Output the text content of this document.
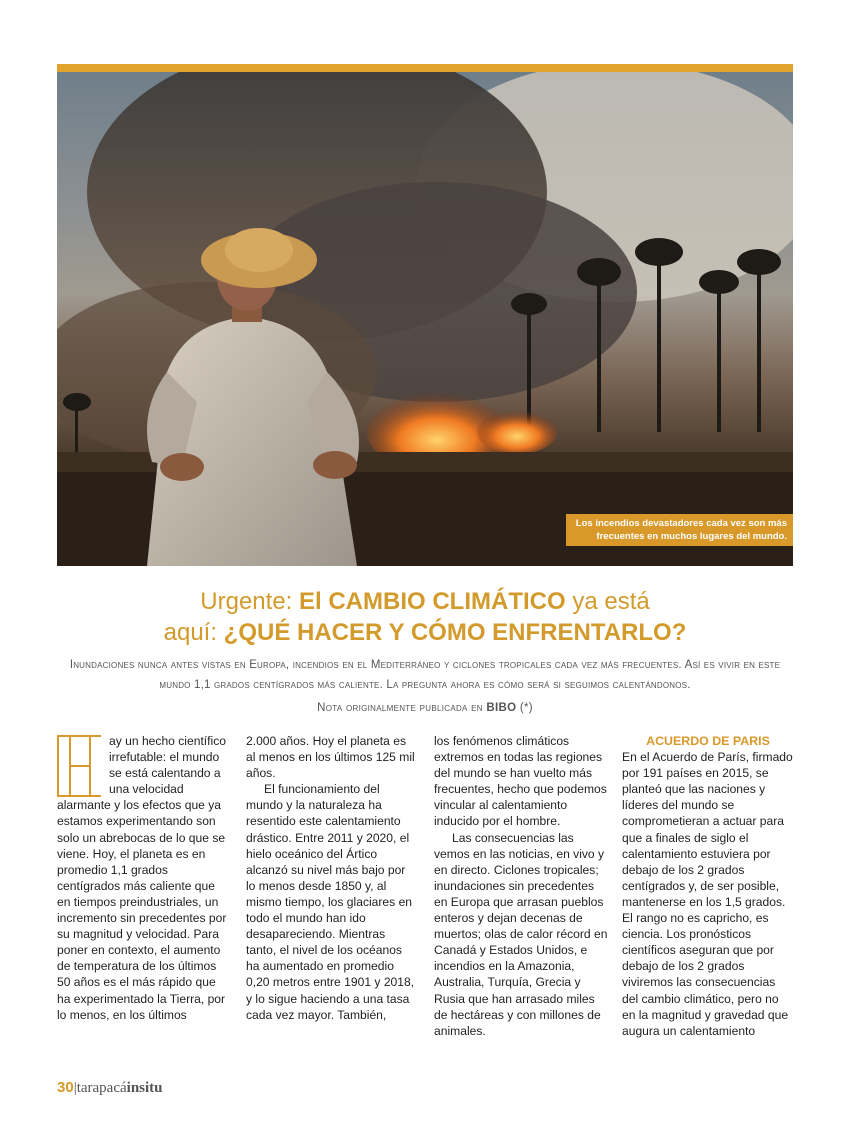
Los incendios devastadores cada vez son más
frecuentes en muchos lugares del mundo.
Urgente: El CAMBIO CLIMÁTICO ya está
aquí: ¿QUÉ HACER Y CÓMO ENFRENTARLO?
Inundaciones nunca antes vistas en Europa, incendios en el Mediterráneo y ciclones tropicales cada vez más frecuentes. Así es vivir en este mundo 1,1 grados centígrados más caliente. La pregunta ahora es cómo será si seguimos calentándonos.
Nota originalmente publicada en BIBO (*)

ay un hecho científico irrefutable: el mundo se está calentando a una velocidad alarmante y los efectos que ya estamos experimentando son solo un abrebocas de lo que se viene. Hoy, el planeta es en promedio 1,1 grados centígrados más caliente que en tiempos preindustriales, un incremento sin precedentes por su magnitud y velocidad. Para poner en contexto, el aumento de temperatura de los últimos 50 años es el más rápido que ha experimentado la Tierra, por lo menos, en los últimos

2.000 años. Hoy el planeta es al menos en los últimos 125 mil años.

El funcionamiento del mundo y la naturaleza ha resentido este calentamiento drástico. Entre 2011 y 2020, el hielo oceánico del Ártico alcanzó su nivel más bajo por lo menos desde 1850 y, al mismo tiempo, los glaciares en todo el mundo han ido desapareciendo. Mientras tanto, el nivel de los océanos ha aumentado en promedio 0,20 metros entre 1901 y 2018, y lo sigue haciendo a una tasa cada vez mayor. También,

los fenómenos climáticos extremos en todas las regiones del mundo se han vuelto más frecuentes, hecho que podemos vincular al calentamiento inducido por el hombre.

Las consecuencias las vemos en las noticias, en vivo y en directo. Ciclones tropicales; inundaciones sin precedentes en Europa que arrasan pueblos enteros y dejan decenas de muertos; olas de calor récord en Canadá y Estados Unidos, e incendios en la Amazonia, Australia, Turquía, Grecia y Rusia que han arrasado miles de hectáreas y con millones de animales.

ACUERDO DE PARIS

En el Acuerdo de París, firmado por 191 países en 2015, se planteó que las naciones y líderes del mundo se comprometieran a actuar para que a finales de siglo el calentamiento estuviera por debajo de los 2 grados centígrados y, de ser posible, mantenerse en los 1,5 grados. El rango no es capricho, es ciencia. Los pronósticos científicos aseguran que por debajo de los 2 grados viviremos las consecuencias del cambio climático, pero no en la magnitud y gravedad que augura un calentamiento

30|tarapacáinsitu
